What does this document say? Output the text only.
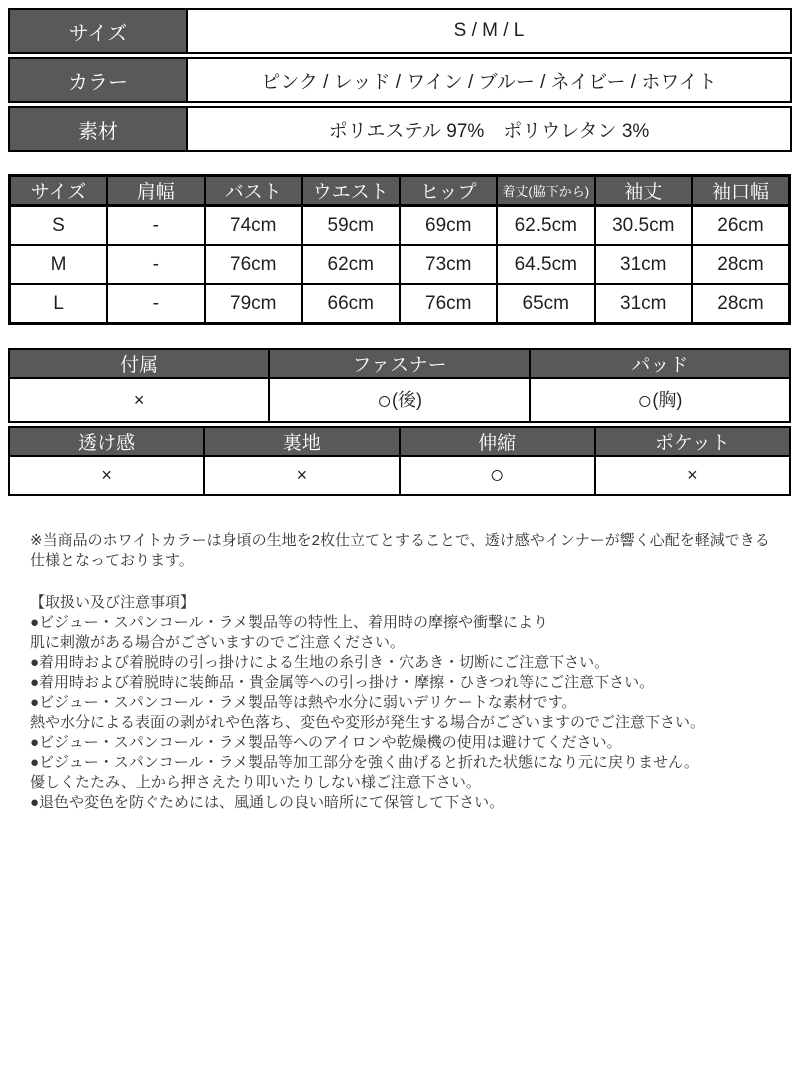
サイズ	S / M / L
カラー	ピンク / レッド / ワイン / ブルー / ネイビー / ホワイト
素材	ポリエステル 97%　ポリウレタン 3%
サイズ	肩幅	バスト	ウエスト	ヒップ	着丈(脇下から)	袖丈	袖口幅
S	-	74cm	59cm	69cm	62.5cm	30.5cm	26cm
M	-	76cm	62cm	73cm	64.5cm	31cm	28cm
L	-	79cm	66cm	76cm	65cm	31cm	28cm
付属	ファスナー	パッド
×	○(後)	○(胸)
透け感	裏地	伸縮	ポケット
×	×	○	×
※当商品のホワイトカラーは身頃の生地を2枚仕立てとすることで、透け感やインナーが響く心配を軽減できる
仕様となっております。
【取扱い及び注意事項】
●ビジュー・スパンコール・ラメ製品等の特性上、着用時の摩擦や衝撃により
肌に刺激がある場合がございますのでご注意ください。
●着用時および着脱時の引っ掛けによる生地の糸引き・穴あき・切断にご注意下さい。
●着用時および着脱時に装飾品・貴金属等への引っ掛け・摩擦・ひきつれ等にご注意下さい。
●ビジュー・スパンコール・ラメ製品等は熱や水分に弱いデリケートな素材です。
熱や水分による表面の剥がれや色落ち、変色や変形が発生する場合がございますのでご注意下さい。
●ビジュー・スパンコール・ラメ製品等へのアイロンや乾燥機の使用は避けてください。
●ビジュー・スパンコール・ラメ製品等加工部分を強く曲げると折れた状態になり元に戻りません。
優しくたたみ、上から押さえたり叩いたりしない様ご注意下さい。
●退色や変色を防ぐためには、風通しの良い暗所にて保管して下さい。
